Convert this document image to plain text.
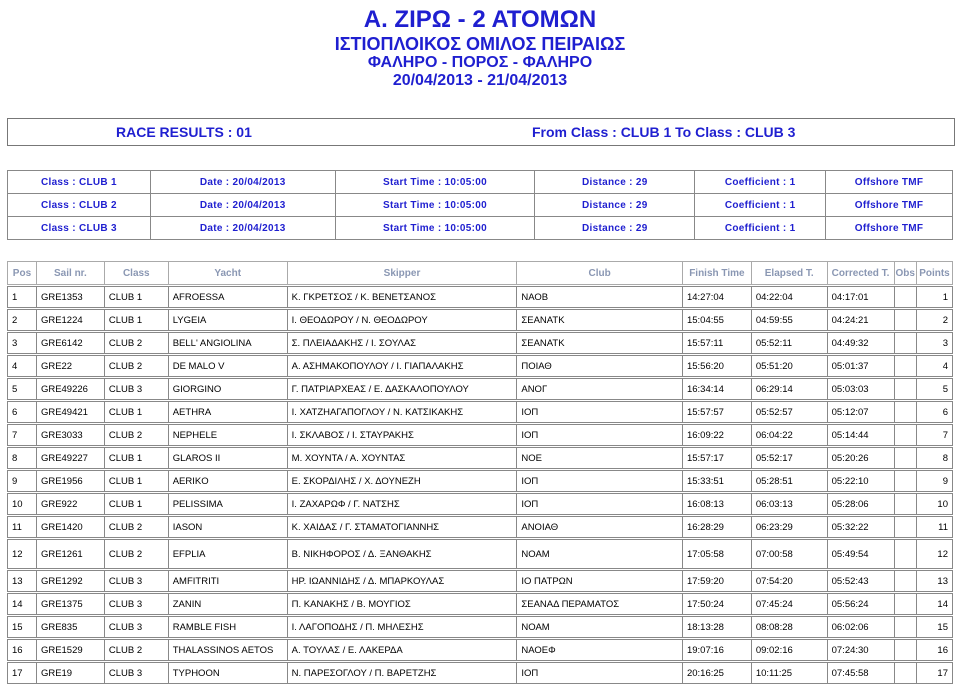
Α. ΖΙΡΩ - 2 ΑΤΟΜΩΝ
ΙΣΤΙΟΠΛΟΙΚΟΣ ΟΜΙΛΟΣ ΠΕΙΡΑΙΩΣ
ΦΑΛΗΡΟ - ΠΟΡΟΣ - ΦΑΛΗΡΟ
20/04/2013 - 21/04/2013
RACE RESULTS : 01	From Class : CLUB 1 To Class : CLUB 3
Class : CLUB 1	Date : 20/04/2013	Start Time : 10:05:00	Distance : 29	Coefficient : 1	Offshore TMF
Class : CLUB 2	Date : 20/04/2013	Start Time : 10:05:00	Distance : 29	Coefficient : 1	Offshore TMF
Class : CLUB 3	Date : 20/04/2013	Start Time : 10:05:00	Distance : 29	Coefficient : 1	Offshore TMF
Pos	Sail nr.	Class	Yacht	Skipper	Club	Finish Time	Elapsed T.	Corrected T.	Obs	Points

1	GRE1353	CLUB 1	AFROESSA	Κ. ΓΚΡΕΤΣΟΣ / Κ. ΒΕΝΕΤΣΑΝΟΣ	ΝΑΟΒ	14:27:04	04:22:04	04:17:01		1

2	GRE1224	CLUB 1	LYGEIA	Ι. ΘΕΟΔΩΡΟΥ / Ν. ΘΕΟΔΩΡΟΥ	ΣΕΑΝΑΤΚ	15:04:55	04:59:55	04:24:21		2

3	GRE6142	CLUB 2	BELL' ANGIOLINA	Σ. ΠΛΕΙΑΔΑΚΗΣ / Ι. ΣΟΥΛΑΣ	ΣΕΑΝΑΤΚ	15:57:11	05:52:11	04:49:32		3

4	GRE22	CLUB 2	DE MALO V	Α. ΑΣΗΜΑΚΟΠΟΥΛΟΥ / Ι. ΓΙΑΠΑΛΑΚΗΣ	ΠΟΙΑΘ	15:56:20	05:51:20	05:01:37		4

5	GRE49226	CLUB 3	GIORGINO	Γ. ΠΑΤΡΙΑΡΧΕΑΣ / Ε. ΔΑΣΚΑΛΟΠΟΥΛΟΥ	ΑΝΟΓ	16:34:14	06:29:14	05:03:03		5

6	GRE49421	CLUB 1	AETHRA	Ι. ΧΑΤΖΗΑΓΑΠΟΓΛΟΥ / Ν. ΚΑΤΣΙΚΑΚΗΣ	ΙΟΠ	15:57:57	05:52:57	05:12:07		6

7	GRE3033	CLUB 2	NEPHELE	Ι. ΣΚΛΑΒΟΣ / Ι. ΣΤΑΥΡΑΚΗΣ	ΙΟΠ	16:09:22	06:04:22	05:14:44		7

8	GRE49227	CLUB 1	GLAROS II	Μ. ΧΟΥΝΤΑ / Α. ΧΟΥΝΤΑΣ	ΝΟΕ	15:57:17	05:52:17	05:20:26		8

9	GRE1956	CLUB 1	AERIKO	Ε. ΣΚΟΡΔΙΛΗΣ / Χ. ΔΟΥΝΕΖΗ	ΙΟΠ	15:33:51	05:28:51	05:22:10		9

10	GRE922	CLUB 1	PELISSIMA	Ι. ΖΑΧΑΡΩΦ / Γ. ΝΑΤΣΗΣ	ΙΟΠ	16:08:13	06:03:13	05:28:06		10

11	GRE1420	CLUB 2	IASON	Κ. ΧΑΙΔΑΣ / Γ. ΣΤΑΜΑΤΟΓΙΑΝΝΗΣ	ΑΝΟΙΑΘ	16:28:29	06:23:29	05:32:22		11

12	GRE1261	CLUB 2	EFPLIA	Β. ΝΙΚΗΦΟΡΟΣ / Δ. ΞΑΝΘΑΚΗΣ	ΝΟΑΜ	17:05:58	07:00:58	05:49:54		12

13	GRE1292	CLUB 3	AMFITRITI	ΗΡ. ΙΩΑΝΝΙΔΗΣ / Δ. ΜΠΑΡΚΟΥΛΑΣ	ΙΟ ΠΑΤΡΩΝ	17:59:20	07:54:20	05:52:43		13

14	GRE1375	CLUB 3	ZANIN	Π. ΚΑΝΑΚΗΣ / Β. ΜΟΥΓΙΟΣ	ΣΕΑΝΑΔ ΠΕΡΑΜΑΤΟΣ	17:50:24	07:45:24	05:56:24		14

15	GRE835	CLUB 3	RAMBLE FISH	Ι. ΛΑΓΟΠΟΔΗΣ / Π. ΜΗΛΕΣΗΣ	ΝΟΑΜ	18:13:28	08:08:28	06:02:06		15

16	GRE1529	CLUB 2	THALASSINOS AETOS	Α. ΤΟΥΛΑΣ / Ε. ΛΑΚΕΡΔΑ	ΝΑΟΕΦ	19:07:16	09:02:16	07:24:30		16

17	GRE19	CLUB 3	TYPHOON	Ν. ΠΑΡΕΣΟΓΛΟΥ / Π. ΒΑΡΕΤΖΗΣ	ΙΟΠ	20:16:25	10:11:25	07:45:58		17
